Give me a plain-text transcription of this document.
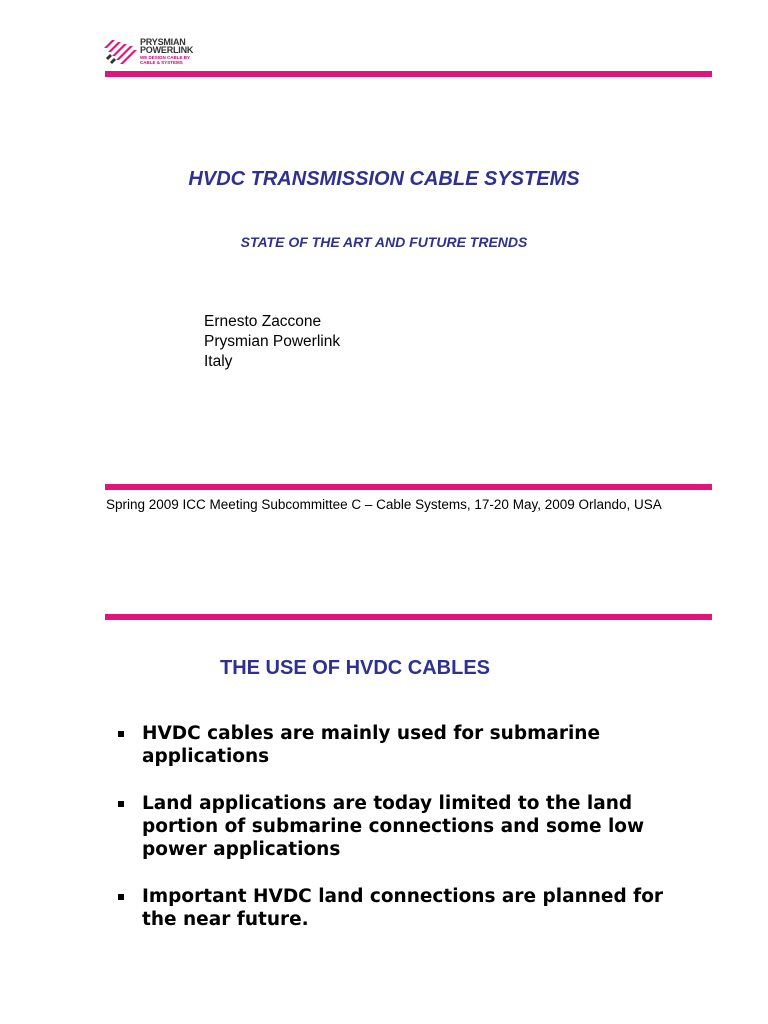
PRYSMIAN
POWERLINK
WE DESIGN CABLE BY
CABLE & SYSTEMS
HVDC TRANSMISSION CABLE SYSTEMS
STATE OF THE ART AND FUTURE TRENDS
Ernesto Zaccone
Prysmian Powerlink
Italy
Spring 2009 ICC Meeting Subcommittee C – Cable Systems, 17-20 May, 2009 Orlando, USA
THE USE OF HVDC CABLES
HVDC cables are mainly used for submarine applications
Land applications are today limited to the land portion of submarine connections and some low power applications
Important HVDC land connections are planned for the near future.
